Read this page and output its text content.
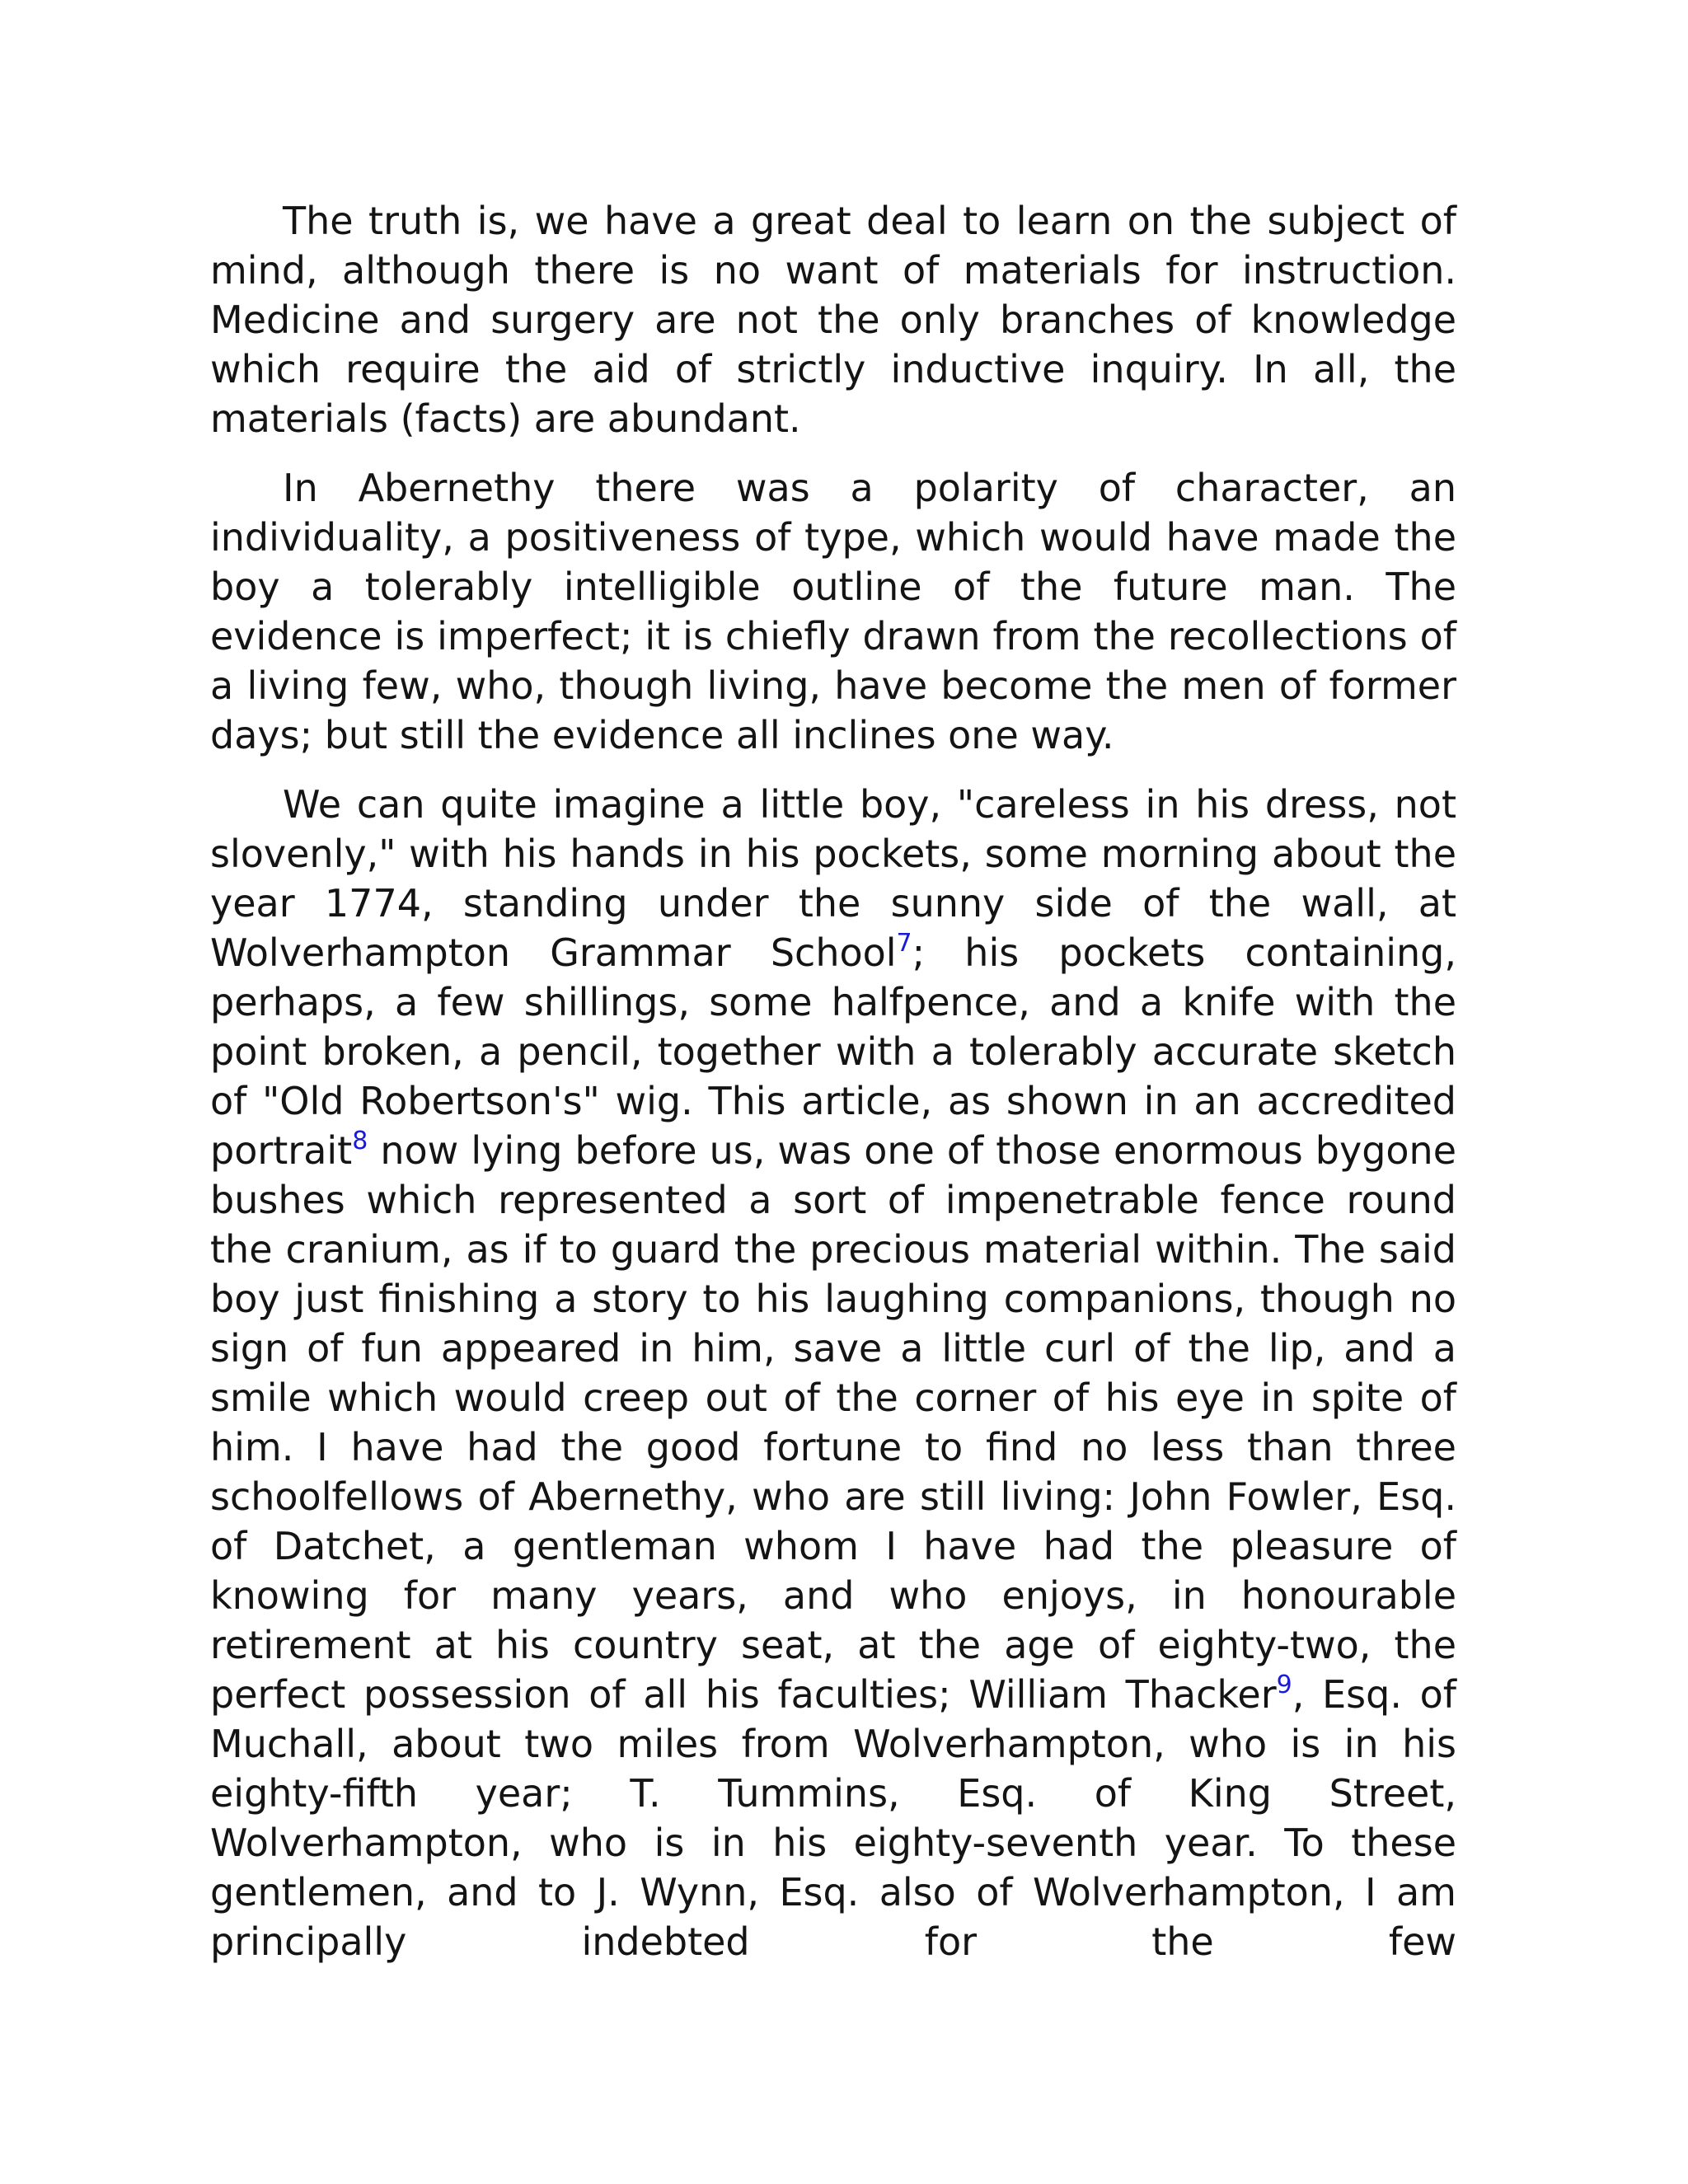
The truth is, we have a great deal to learn on the subject of mind, although there is no want of materials for instruction. Medicine and surgery are not the only branches of knowledge which require the aid of strictly inductive inquiry. In all, the materials (facts) are abundant.

In Abernethy there was a polarity of character, an individuality, a positiveness of type, which would have made the boy a tolerably intelligible outline of the future man. The evidence is imperfect; it is chiefly drawn from the recollections of a living few, who, though living, have become the men of former days; but still the evidence all inclines one way.

We can quite imagine a little boy, "careless in his dress, not slovenly," with his hands in his pockets, some morning about the year 1774, standing under the sunny side of the wall, at Wolverhampton Grammar School$^7$; his pockets containing, perhaps, a few shillings, some halfpence, and a knife with the point broken, a pencil, together with a tolerably accurate sketch of "Old Robertson's" wig. This article, as shown in an accredited portrait$^8$ now lying before us, was one of those enormous bygone bushes which represented a sort of impenetrable fence round the cranium, as if to guard the precious material within. The said boy just finishing a story to his laughing companions, though no sign of fun appeared in him, save a little curl of the lip, and a smile which would creep out of the corner of his eye in spite of him. I have had the good fortune to find no less than three schoolfellows of Abernethy, who are still living: John Fowler, Esq. of Datchet, a gentleman whom I have had the pleasure of knowing for many years, and who enjoys, in honourable retirement at his country seat, at the age of eighty-two, the perfect possession of all his faculties; William Thacker$^9$, Esq. of Muchall, about two miles from Wolverhampton, who is in his eighty-fifth year; T. Tummins, Esq. of King Street, Wolverhampton, who is in his eighty-seventh year. To these gentlemen, and to J. Wynn, Esq. also of Wolverhampton, I am principally indebted for the few
